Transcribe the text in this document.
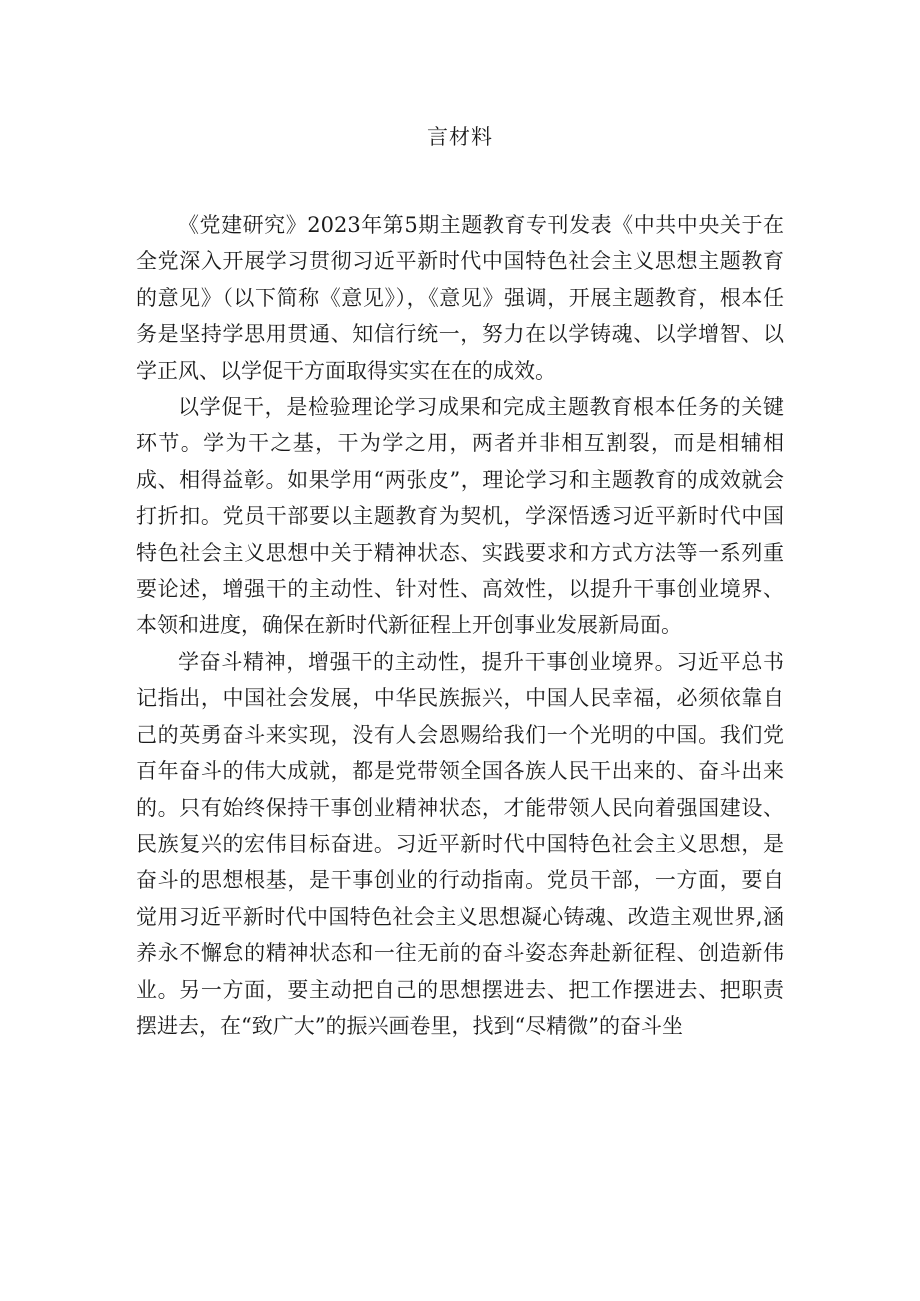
言材料

《党建研究》2023年第5期主题教育专刊发表《中共中央关于在全党深入开展学习贯彻习近平新时代中国特色社会主义思想主题教育的意见》（以下简称《意见》），《意见》强调，开展主题教育，根本任务是坚持学思用贯通、知信行统一，努力在以学铸魂、以学增智、以学正风、以学促干方面取得实实在在的成效。

以学促干，是检验理论学习成果和完成主题教育根本任务的关键环节。学为干之基，干为学之用，两者并非相互割裂，而是相辅相成、相得益彰。如果学用“两张皮”，理论学习和主题教育的成效就会打折扣。党员干部要以主题教育为契机，学深悟透习近平新时代中国特色社会主义思想中关于精神状态、实践要求和方式方法等一系列重要论述，增强干的主动性、针对性、高效性，以提升干事创业境界、本领和进度，确保在新时代新征程上开创事业发展新局面。

学奋斗精神，增强干的主动性，提升干事创业境界。习近平总书记指出，中国社会发展，中华民族振兴，中国人民幸福，必须依靠自己的英勇奋斗来实现，没有人会恩赐给我们一个光明的中国。我们党百年奋斗的伟大成就，都是党带领全国各族人民干出来的、奋斗出来的。只有始终保持干事创业精神状态，才能带领人民向着强国建设、民族复兴的宏伟目标奋进。习近平新时代中国特色社会主义思想，是奋斗的思想根基，是干事创业的行动指南。党员干部，一方面，要自觉用习近平新时代中国特色社会主义思想凝心铸魂、改造主观世界,涵养永不懈怠的精神状态和一往无前的奋斗姿态奔赴新征程、创造新伟业。另一方面，要主动把自己的思想摆进去、把工作摆进去、把职责摆进去，在“致广大”的振兴画卷里，找到“尽精微”的奋斗坐
